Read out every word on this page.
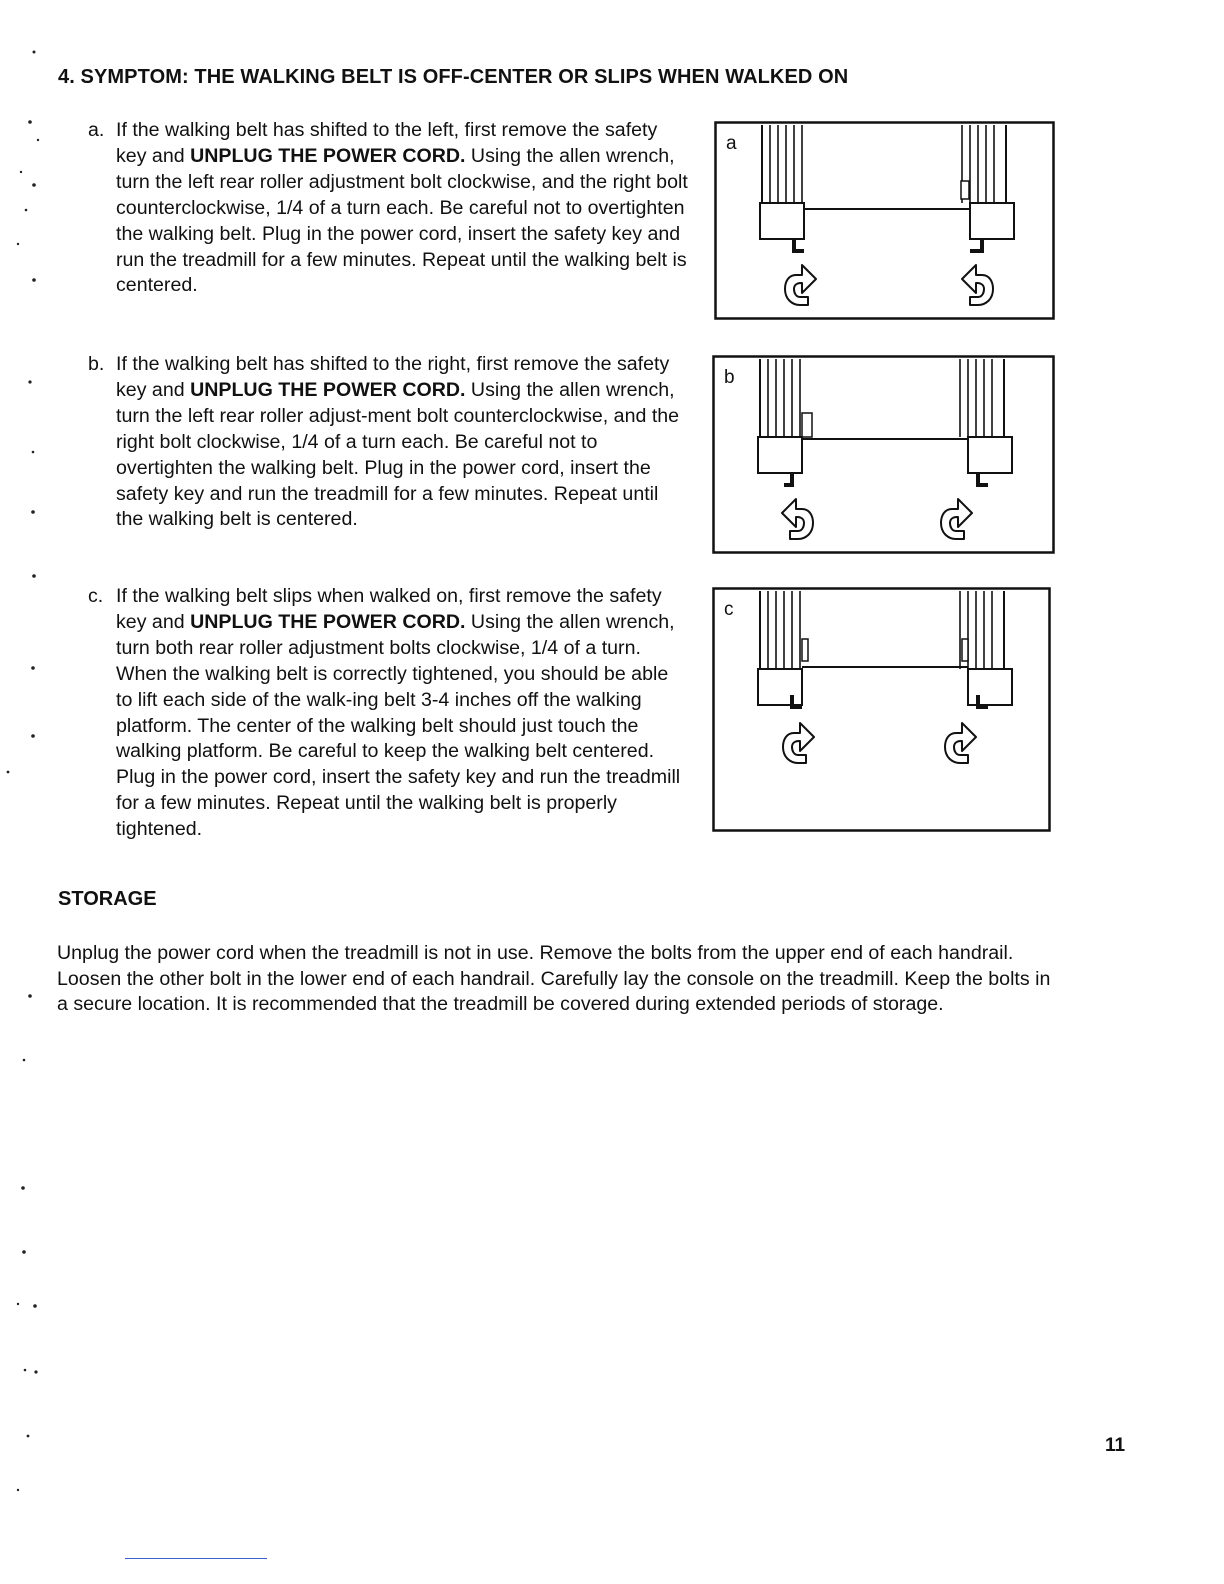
4. SYMPTOM: THE WALKING BELT IS OFF-CENTER OR SLIPS WHEN WALKED ON
a. If the walking belt has shifted to the left, first remove the safety key and UNPLUG THE POWER CORD. Using the allen wrench, turn the left rear roller adjustment bolt clockwise, and the right bolt counterclockwise, 1/4 of a turn each. Be careful not to overtighten the walking belt. Plug in the power cord, insert the safety key and run the treadmill for a few minutes. Repeat until the walking belt is centered.
b. If the walking belt has shifted to the right, first remove the safety key and UNPLUG THE POWER CORD. Using the allen wrench, turn the left rear roller adjust-ment bolt counterclockwise, and the right bolt clockwise, 1/4 of a turn each. Be careful not to overtighten the walking belt. Plug in the power cord, insert the safety key and run the treadmill for a few minutes. Repeat until the walking belt is centered.
c. If the walking belt slips when walked on, first remove the safety key and UNPLUG THE POWER CORD. Using the allen wrench, turn both rear roller adjustment bolts clockwise, 1/4 of a turn. When the walking belt is correctly tightened, you should be able to lift each side of the walk-ing belt 3-4 inches off the walking platform. The center of the walking belt should just touch the walking platform. Be careful to keep the walking belt centered. Plug in the power cord, insert the safety key and run the treadmill for a few minutes. Repeat until the walking belt is properly tightened.
a
b
c
STORAGE

Unplug the power cord when the treadmill is not in use. Remove the bolts from the upper end of each handrail. Loosen the other bolt in the lower end of each handrail. Carefully lay the console on the treadmill. Keep the bolts in a secure location. It is recommended that the treadmill be covered during extended periods of storage.

11
